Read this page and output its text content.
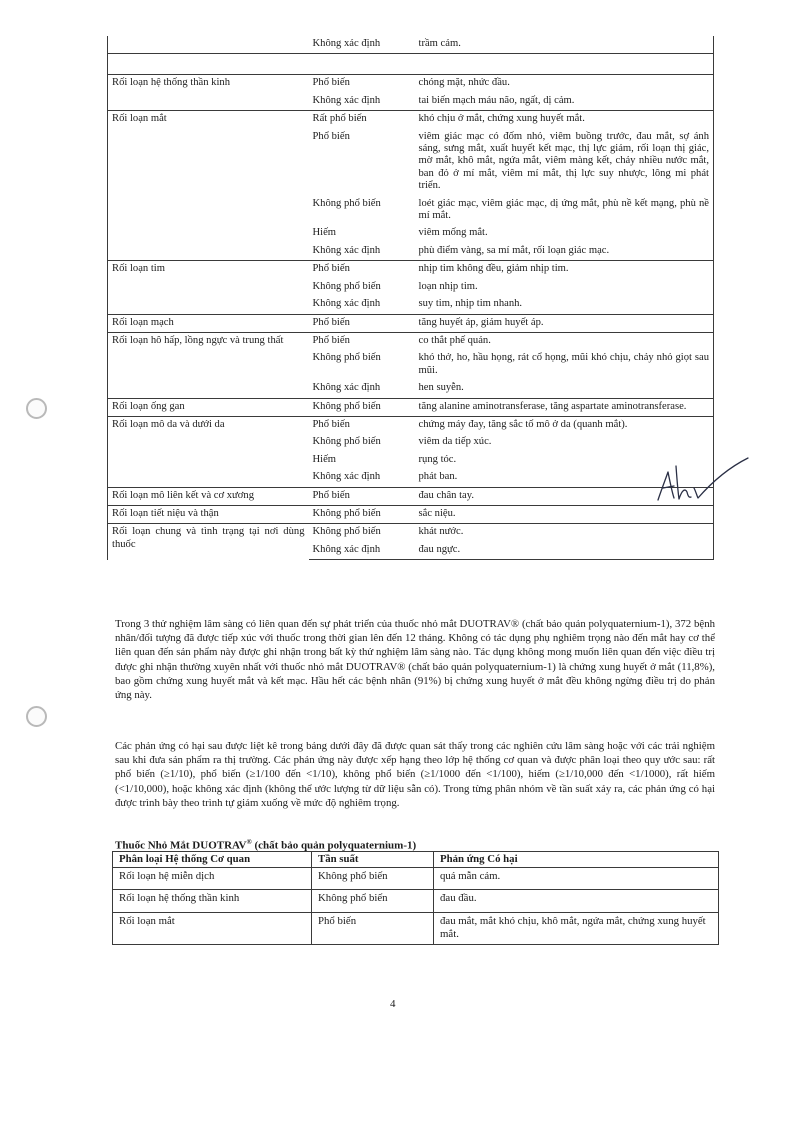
	Không xác định	trầm cảm.

Rối loạn hệ thống thần kinh	Phổ biến	chóng mặt, nhức đầu.
	Không xác định	tai biến mạch máu não, ngất, dị cảm.
Rối loạn mắt	Rất phổ biến	khó chịu ở mắt, chứng xung huyết mắt.
	Phổ biến	viêm giác mạc có đốm nhỏ, viêm buồng trước, đau mắt, sợ ánh sáng, sưng mắt, xuất huyết kết mạc, thị lực giảm, rối loạn thị giác, mờ mắt, khô mắt, ngứa mắt, viêm màng kết, chảy nhiều nước mắt, ban đỏ ở mí mắt, viêm mí mắt, thị lực suy nhược, lông mi phát triển.
	Không phổ biến	loét giác mạc, viêm giác mạc, dị ứng mắt, phù nề kết mạng, phù nề mí mắt.
	Hiếm	viêm mống mắt.
	Không xác định	phù điểm vàng, sa mí mắt, rối loạn giác mạc.
Rối loạn tim	Phổ biến	nhịp tim không đều, giảm nhịp tim.
	Không phổ biến	loạn nhịp tim.
	Không xác định	suy tim, nhịp tim nhanh.
Rối loạn mạch	Phổ biến	tăng huyết áp, giảm huyết áp.
Rối loạn hô hấp, lồng ngực và trung thất	Phổ biến	co thắt phế quản.
	Không phổ biến	khó thở, ho, hầu họng, rát cổ họng, mũi khó chịu, chảy nhỏ giọt sau mũi.
	Không xác định	hen suyễn.
Rối loạn ống gan	Không phổ biến	tăng alanine aminotransferase, tăng aspartate aminotransferase.
Rối loạn mô da và dưới da	Phổ biến	chứng máy đay, tăng sắc tố mô ở da (quanh mắt).
	Không phổ biến	viêm da tiếp xúc.
	Hiếm	rụng tóc.
	Không xác định	phát ban.
Rối loạn mô liên kết và cơ xương	Phổ biến	đau chân tay.
Rối loạn tiết niệu và thận	Không phổ biến	sắc niệu.
Rối loạn chung và tình trạng tại nơi dùng thuốc	Không phổ biến	khát nước.
	Không xác định	đau ngực.

Trong 3 thử nghiệm lâm sàng có liên quan đến sự phát triển của thuốc nhỏ mắt DUOTRAV® (chất bảo quản polyquaternium-1), 372 bệnh nhân/đối tượng đã được tiếp xúc với thuốc trong thời gian lên đến 12 tháng. Không có tác dụng phụ nghiêm trọng nào đến mắt hay cơ thể liên quan đến sản phẩm này được ghi nhận trong bất kỳ thử nghiệm lâm sàng nào. Tác dụng không mong muốn liên quan đến việc điều trị được ghi nhận thường xuyên nhất với thuốc nhỏ mắt DUOTRAV® (chất bảo quản polyquaternium-1) là chứng xung huyết ở mắt (11,8%), bao gồm chứng xung huyết mắt và kết mạc. Hầu hết các bệnh nhân (91%) bị chứng xung huyết ở mắt đều không ngừng điều trị do phản ứng này.

Các phản ứng có hại sau được liệt kê trong bảng dưới đây đã được quan sát thấy trong các nghiên cứu lâm sàng hoặc với các trải nghiệm sau khi đưa sản phẩm ra thị trường. Các phản ứng này được xếp hạng theo lớp hệ thống cơ quan và được phân loại theo quy ước sau: rất phổ biến (≥1/10), phổ biến (≥1/100 đến <1/10), không phổ biến (≥1/1000 đến <1/100), hiếm (≥1/10,000 đến <1/1000), rất hiếm (<1/10,000), hoặc không xác định (không thể ước lượng từ dữ liệu sẵn có). Trong từng phân nhóm về tần suất xảy ra, các phản ứng có hại được trình bày theo trình tự giảm xuống về mức độ nghiêm trọng.

Thuốc Nhỏ Mắt DUOTRAV® (chất bảo quản polyquaternium-1)
Phân loại Hệ thống Cơ quan	Tần suất	Phản ứng Có hại
Rối loạn hệ miễn dịch	Không phổ biến	quá mẫn cảm.
Rối loạn hệ thống thần kinh	Không phổ biến	đau đầu.
Rối loạn mắt	Phổ biến	đau mắt, mắt khó chịu, khô mắt, ngứa mắt, chứng xung huyết mắt.
4
